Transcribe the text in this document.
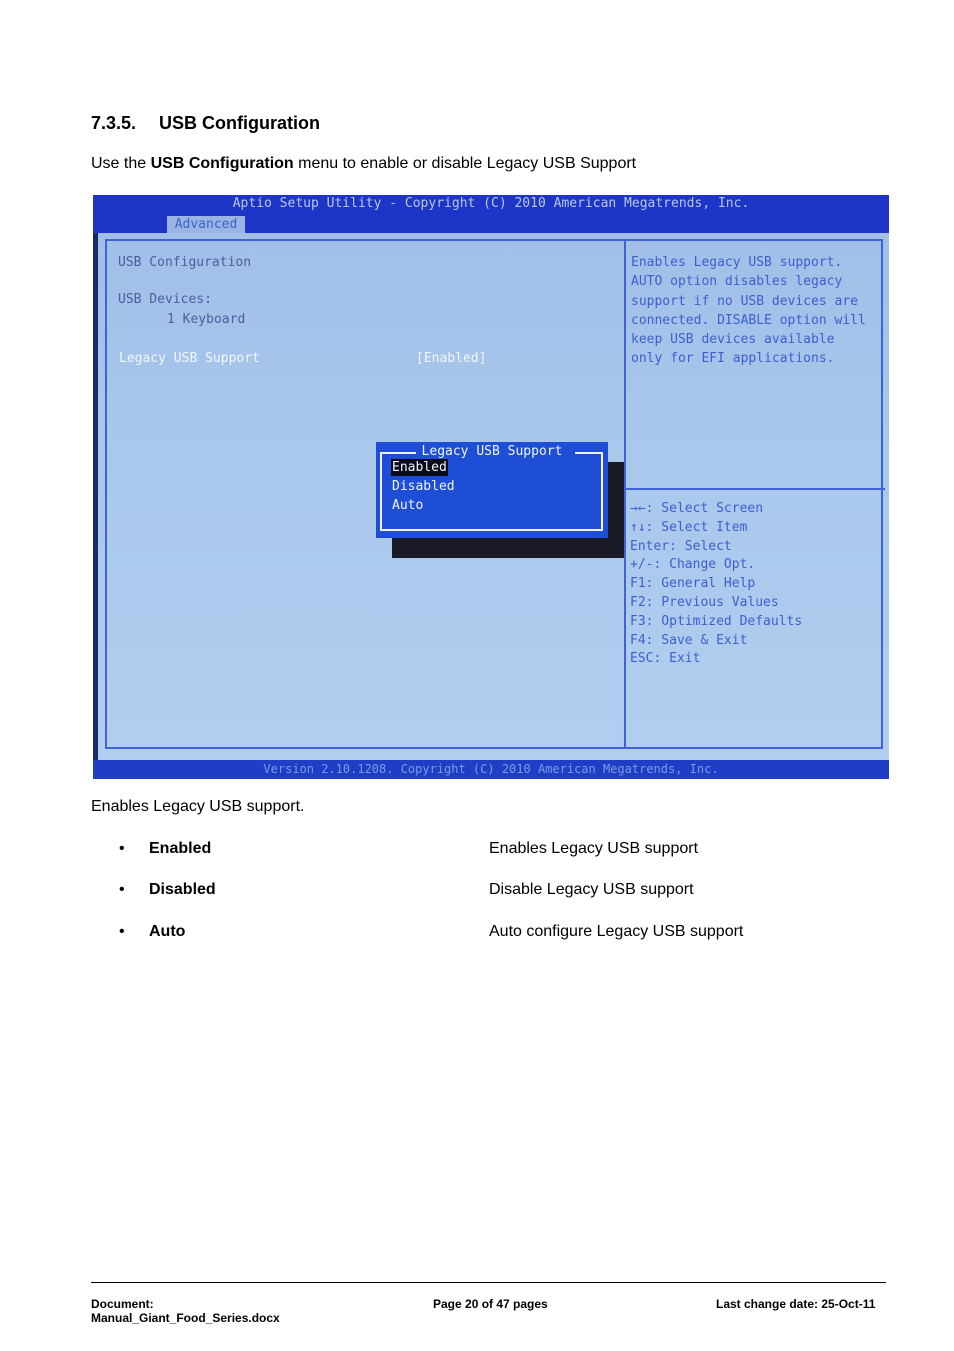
7.3.5. USB Configuration
Use the USB Configuration menu to enable or disable Legacy USB Support
Aptio Setup Utility - Copyright (C) 2010 American Megatrends, Inc.
Advanced
USB Configuration
USB Devices:
1 Keyboard
Legacy USB Support	[Enabled]
Enables Legacy USB support.
AUTO option disables legacy
support if no USB devices are
connected. DISABLE option will
keep USB devices available
only for EFI applications.
→←: Select Screen
↑↓: Select Item
Enter: Select
+/-: Change Opt.
F1: General Help
F2: Previous Values
F3: Optimized Defaults
F4: Save & Exit
ESC: Exit
Legacy USB Support
Enabled
Disabled
Auto
Version 2.10.1208. Copyright (C) 2010 American Megatrends, Inc.
Enables Legacy USB support.
• Enabled	Enables Legacy USB support
• Disabled	Disable Legacy USB support
• Auto	Auto configure Legacy USB support
Document:
Manual_Giant_Food_Series.docx
Page 20 of 47 pages	Last change date: 25-Oct-11
